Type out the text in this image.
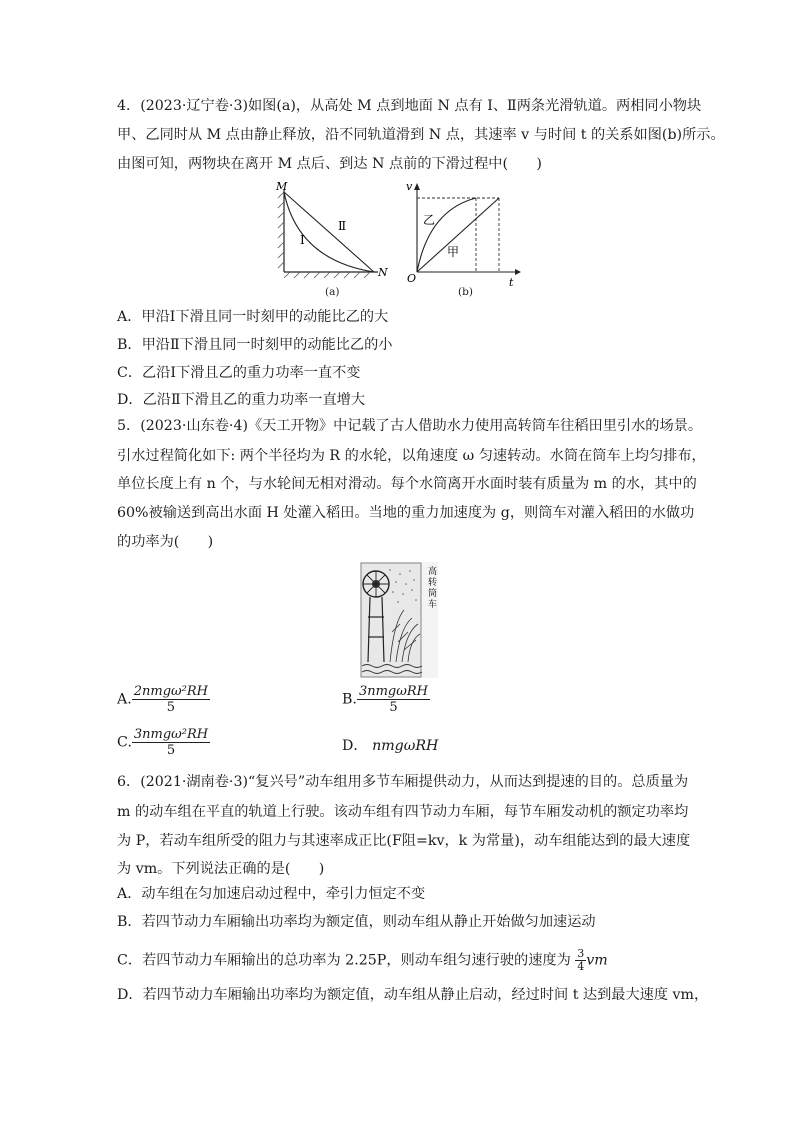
4．(2023·辽宁卷·3)如图(a)，从高处 M 点到地面 N 点有 Ⅰ、Ⅱ两条光滑轨道。两相同小物块
甲、乙同时从 M 点由静止释放，沿不同轨道滑到 N 点，其速率 v 与时间 t 的关系如图(b)所示。
由图可知，两物块在离开 M 点后、到达 N 点前的下滑过程中(　　)
M
N
Ⅰ
Ⅱ
(a)
v
t
O
乙
甲
(b)
A．甲沿Ⅰ下滑且同一时刻甲的动能比乙的大
B．甲沿Ⅱ下滑且同一时刻甲的动能比乙的小
C．乙沿Ⅰ下滑且乙的重力功率一直不变
D．乙沿Ⅱ下滑且乙的重力功率一直增大
5．(2023·山东卷·4)《天工开物》中记载了古人借助水力使用高转筒车往稻田里引水的场景。
引水过程简化如下: 两个半径均为 R 的水轮，以角速度 ω 匀速转动。水筒在筒车上均匀排布，
单位长度上有 n 个，与水轮间无相对滑动。每个水筒离开水面时装有质量为 m 的水，其中的
60%被输送到高出水面 H 处灌入稻田。当地的重力加速度为 g，则筒车对灌入稻田的水做功
的功率为(　　)
高
转
筒
车
A. $\frac{\text{2nmgω²RH}}{5}$	B. $\frac{\text{3nmgωRH}}{5}$
C. $\frac{\text{3nmgω²RH}}{5}$	D． nmgωRH
6．(2021·湖南卷·3)“复兴号”动车组用多节车厢提供动力，从而达到提速的目的。总质量为
m 的动车组在平直的轨道上行驶。该动车组有四节动力车厢，每节车厢发动机的额定功率均
为 P，若动车组所受的阻力与其速率成正比(F阻=kv，k 为常量)，动车组能达到的最大速度
为 vm。下列说法正确的是(　　)
A．动车组在匀加速启动过程中，牵引力恒定不变
B．若四节动力车厢输出功率均为额定值，则动车组从静止开始做匀加速运动
C．若四节动力车厢输出的总功率为 2.25P，则动车组匀速行驶的速度为 $\frac{3}{4}$ vm
D．若四节动力车厢输出功率均为额定值，动车组从静止启动，经过时间 t 达到最大速度 vm，
